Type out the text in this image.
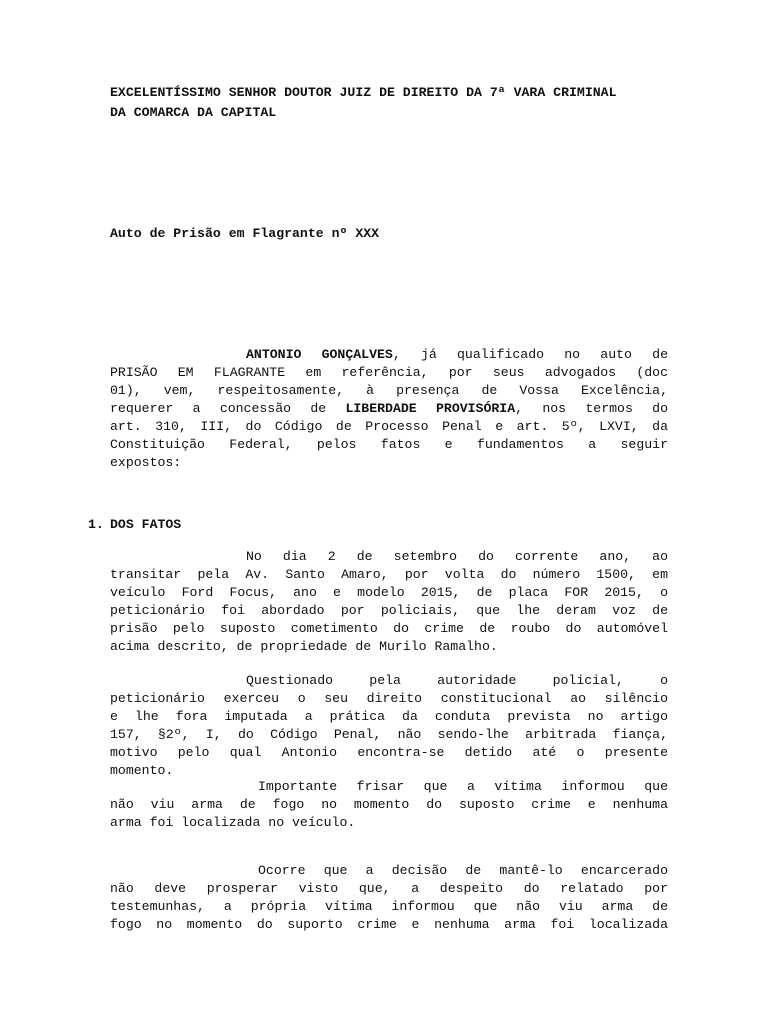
EXCELENTÍSSIMO SENHOR DOUTOR JUIZ DE DIREITO DA 7ª VARA CRIMINAL
DA COMARCA DA CAPITAL
Auto de Prisão em Flagrante nº XXX
ANTONIO GONÇALVES, já qualificado no auto de
PRISÃO EM FLAGRANTE em referência, por seus advogados (doc
01), vem, respeitosamente, à presença de Vossa Excelência,
requerer a concessão de LIBERDADE PROVISÓRIA, nos termos do
art. 310, III, do Código de Processo Penal e art. 5º, LXVI, da
Constituição Federal, pelos fatos e fundamentos a seguir
expostos:
1. DOS FATOS
No dia 2 de setembro do corrente ano, ao
transitar pela Av. Santo Amaro, por volta do número 1500, em
veículo Ford Focus, ano e modelo 2015, de placa FOR 2015, o
peticionário foi abordado por policiais, que lhe deram voz de
prisão pelo suposto cometimento do crime de roubo do automóvel
acima descrito, de propriedade de Murilo Ramalho.
Questionado pela autoridade policial, o
peticionário exerceu o seu direito constitucional ao silêncio
e lhe fora imputada a prática da conduta prevista no artigo
157, §2º, I, do Código Penal, não sendo-lhe arbitrada fiança,
motivo pelo qual Antonio encontra-se detido até o presente
momento.
Importante frisar que a vítima informou que
não viu arma de fogo no momento do suposto crime e nenhuma
arma foi localizada no veículo.
Ocorre que a decisão de mantê-lo encarcerado
não deve prosperar visto que, a despeito do relatado por
testemunhas, a própria vítima informou que não viu arma de
fogo no momento do suporto crime e nenhuma arma foi localizada
